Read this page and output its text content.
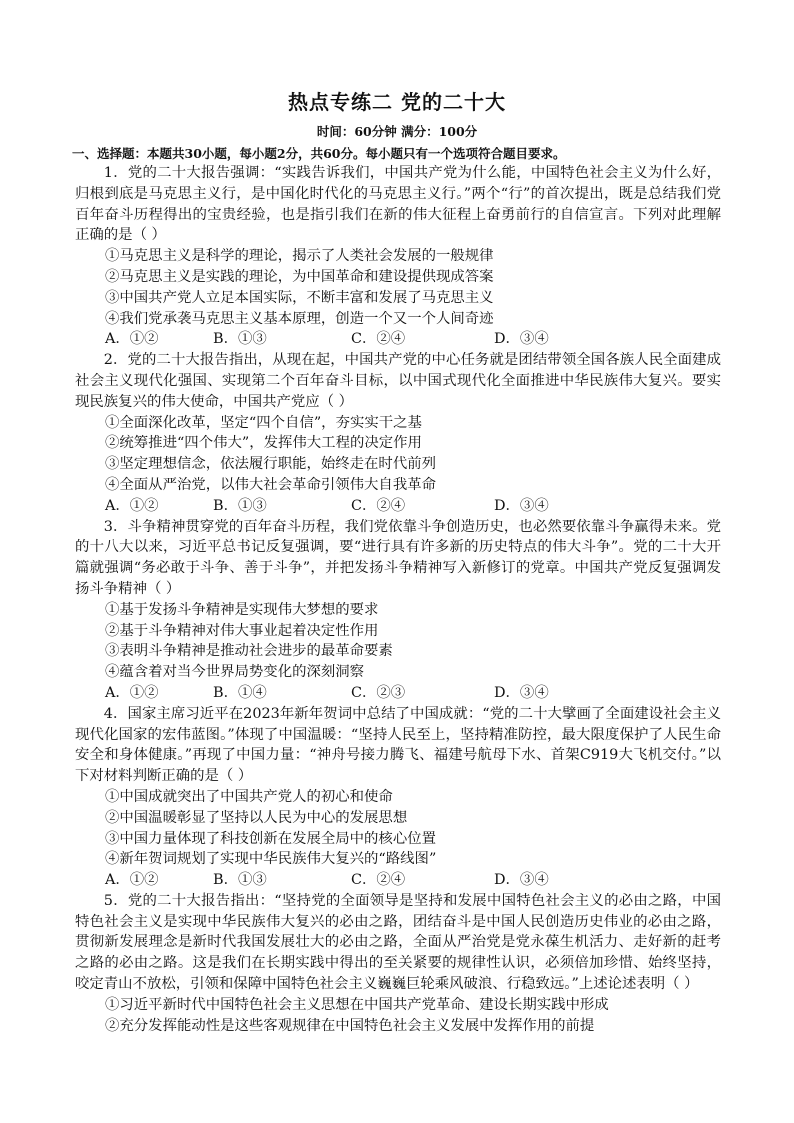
热点专练二 党的二十大
时间：60分钟 满分：100分
一、选择题：本题共30小题，每小题2分，共60分。每小题只有一个选项符合题目要求。
1．党的二十大报告强调：“实践告诉我们，中国共产党为什么能，中国特色社会主义为什么好，归根到底是马克思主义行，是中国化时代化的马克思主义行。”两个“行”的首次提出，既是总结我们党百年奋斗历程得出的宝贵经验，也是指引我们在新的伟大征程上奋勇前行的自信宣言。下列对此理解正确的是（ ）
①马克思主义是科学的理论，揭示了人类社会发展的一般规律
②马克思主义是实践的理论，为中国革命和建设提供现成答案
③中国共产党人立足本国实际，不断丰富和发展了马克思主义
④我们党承袭马克思主义基本原理，创造一个又一个人间奇迹
A．①②	B．①③	C．②④	D．③④
2．党的二十大报告指出，从现在起，中国共产党的中心任务就是团结带领全国各族人民全面建成社会主义现代化强国、实现第二个百年奋斗目标，以中国式现代化全面推进中华民族伟大复兴。要实现民族复兴的伟大使命，中国共产党应（ ）
①全面深化改革，坚定“四个自信”，夯实实干之基
②统筹推进“四个伟大”，发挥伟大工程的决定作用
③坚定理想信念，依法履行职能，始终走在时代前列
④全面从严治党，以伟大社会革命引领伟大自我革命
A．①②	B．①③	C．②④	D．③④
3．斗争精神贯穿党的百年奋斗历程，我们党依靠斗争创造历史，也必然要依靠斗争赢得未来。党的十八大以来，习近平总书记反复强调，要“进行具有许多新的历史特点的伟大斗争”。党的二十大开篇就强调“务必敢于斗争、善于斗争”，并把发扬斗争精神写入新修订的党章。中国共产党反复强调发扬斗争精神（ ）
①基于发扬斗争精神是实现伟大梦想的要求
②基于斗争精神对伟大事业起着决定性作用
③表明斗争精神是推动社会进步的最革命要素
④蕴含着对当今世界局势变化的深刻洞察
A．①②	B．①④	C．②③	D．③④
4．国家主席习近平在2023年新年贺词中总结了中国成就：“党的二十大擘画了全面建设社会主义现代化国家的宏伟蓝图。”体现了中国温暖：“坚持人民至上，坚持精准防控，最大限度保护了人民生命安全和身体健康。”再现了中国力量：“神舟号接力腾飞、福建号航母下水、首架C919大飞机交付。”以下对材料判断正确的是（ ）
①中国成就突出了中国共产党人的初心和使命
②中国温暖彰显了坚持以人民为中心的发展思想
③中国力量体现了科技创新在发展全局中的核心位置
④新年贺词规划了实现中华民族伟大复兴的“路线图”
A．①②	B．①③	C．②④	D．③④
5．党的二十大报告指出：“坚持党的全面领导是坚持和发展中国特色社会主义的必由之路，中国特色社会主义是实现中华民族伟大复兴的必由之路，团结奋斗是中国人民创造历史伟业的必由之路，贯彻新发展理念是新时代我国发展壮大的必由之路，全面从严治党是党永葆生机活力、走好新的赶考之路的必由之路。这是我们在长期实践中得出的至关紧要的规律性认识，必须倍加珍惜、始终坚持，咬定青山不放松，引领和保障中国特色社会主义巍巍巨轮乘风破浪、行稳致远。”上述论述表明（ ）
①习近平新时代中国特色社会主义思想在中国共产党革命、建设长期实践中形成
②充分发挥能动性是这些客观规律在中国特色社会主义发展中发挥作用的前提
